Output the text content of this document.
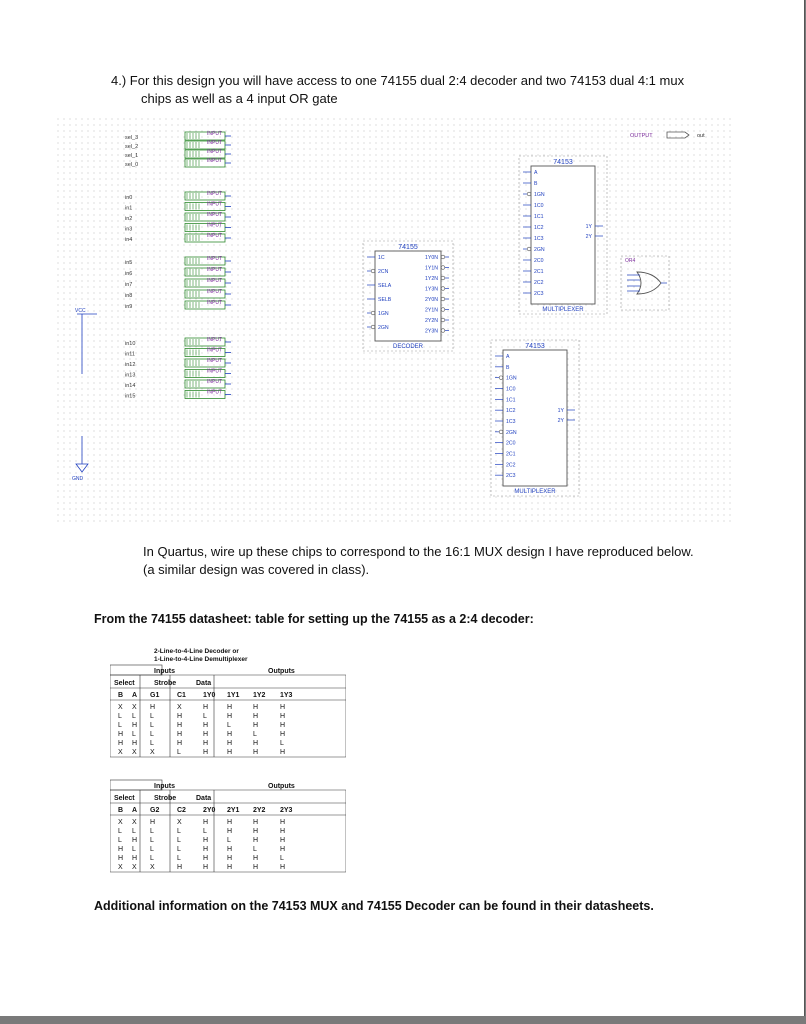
4.) For this design you will have access to one 74155 dual 2:4 decoder and two 74153 dual 4:1 mux
chips as well as a 4 input OR gate
sel_3
INPUT
sel_2
INPUT
sel_1
INPUT
sel_0
INPUT
in0
INPUT
in1
INPUT
in2
INPUT
in3
INPUT
in4
INPUT
in5
INPUT
in6
INPUT
in7
INPUT
in8
INPUT
in9
INPUT
in10
INPUT
in11
INPUT
in12
INPUT
in13
INPUT
in14
INPUT
in15
INPUT
OUTPUT	out
VCC
GND
74155
DECODER
1C
2CN
SELA
SELB
1GN
2GN
1Y0N
1Y1N
1Y2N
1Y3N
2Y0N
2Y1N
2Y2N
2Y3N
74153
MULTIPLEXER
A
B
1GN
1C0
1C1
1C2
1C3
2GN
2C0
2C1
2C2
2C3
1Y
2Y
74153
MULTIPLEXER
A
B
1GN
1C0
1C1
1C2
1C3
2GN
2C0
2C1
2C2
2C3
1Y
2Y
OR4
In Quartus, wire up these chips to correspond to the 16:1 MUX design I have reproduced below.
(a similar design was covered in class).
From the 74155 datasheet: table for setting up the 74155 as a 2:4 decoder:
2-Line-to-4-Line Decoder or
1-Line-to-4-Line Demultiplexer
Inputs	Outputs
Select	Strobe	Data
B A G1	C1 1Y0 1Y1 1Y2 1Y3
X X H	X	H	H	H	H
L L L	H	L	H	H	H
L H L	H	H	L	H	H
H L L	H	H	H	L	H
H H L	H	H	H	H	L
X X X	L	H	H	H	H
Inputs	Outputs
Select	Strobe	Data
B A G2	C2 2Y0 2Y1 2Y2 2Y3
X X H	X	H	H	H	H
L L L	L	L	H	H	H
L H L	L	H	L	H	H
H L L	L	H	H	L	H
H H L	L	H	H	H	L
X X X	H	H	H	H	H
Additional information on the 74153 MUX and 74155 Decoder can be found in their datasheets.
